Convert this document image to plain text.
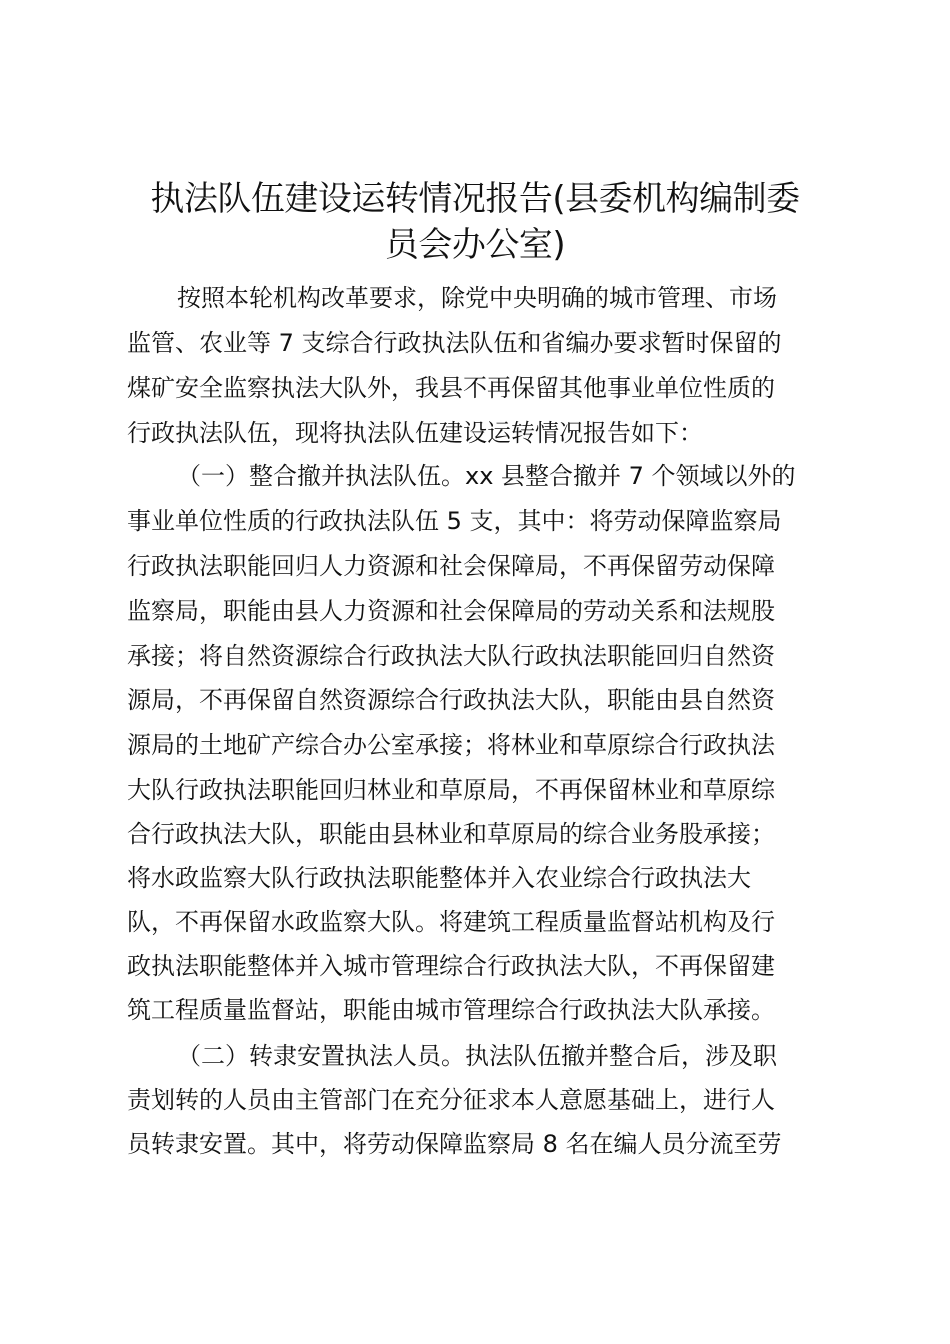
执法队伍建设运转情况报告(县委机构编制委
员会办公室)
按照本轮机构改革要求，除党中央明确的城市管理、市场
监管、农业等 7 支综合行政执法队伍和省编办要求暂时保留的
煤矿安全监察执法大队外，我县不再保留其他事业单位性质的
行政执法队伍，现将执法队伍建设运转情况报告如下：
（一）整合撤并执法队伍。xx 县整合撤并 7 个领域以外的
事业单位性质的行政执法队伍 5 支，其中：将劳动保障监察局
行政执法职能回归人力资源和社会保障局，不再保留劳动保障
监察局，职能由县人力资源和社会保障局的劳动关系和法规股
承接；将自然资源综合行政执法大队行政执法职能回归自然资
源局，不再保留自然资源综合行政执法大队，职能由县自然资
源局的土地矿产综合办公室承接；将林业和草原综合行政执法
大队行政执法职能回归林业和草原局，不再保留林业和草原综
合行政执法大队，职能由县林业和草原局的综合业务股承接；
将水政监察大队行政执法职能整体并入农业综合行政执法大
队，不再保留水政监察大队。将建筑工程质量监督站机构及行
政执法职能整体并入城市管理综合行政执法大队，不再保留建
筑工程质量监督站，职能由城市管理综合行政执法大队承接。
（二）转隶安置执法人员。执法队伍撤并整合后，涉及职
责划转的人员由主管部门在充分征求本人意愿基础上，进行人
员转隶安置。其中，将劳动保障监察局 8 名在编人员分流至劳
